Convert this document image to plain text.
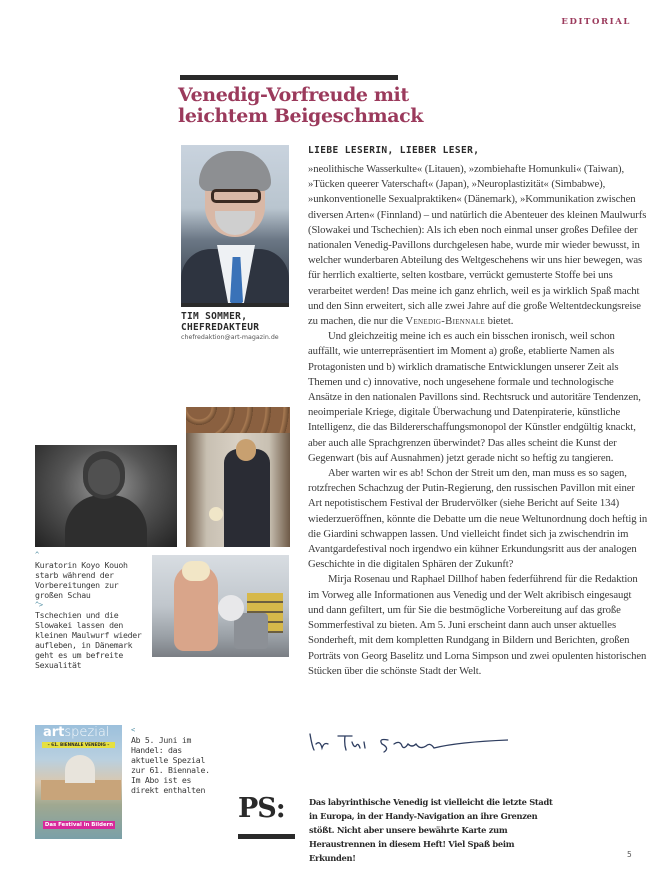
EDITORIAL
Venedig-Vorfreude mit leichtem Beigeschmack
TIM SOMMER, CHEFREDAKTEUR
chefredaktion@art-magazin.de
LIEBE LESERIN, LIEBER LESER,

»neolithische Wasserkulte« (Litauen), »zombiehafte Homunkuli« (Taiwan), »Tücken queerer Vaterschaft« (Japan), »Neuroplastizität« (Simbabwe), »unkonventionelle Sexualpraktiken« (Dänemark), »Kommunikation zwischen diversen Arten« (Finnland) – und natürlich die Abenteuer des kleinen Maulwurfs (Slowakei und Tschechien): Als ich eben noch einmal unser großes Defilee der nationalen Venedig-Pavillons durchgelesen habe, wurde mir wieder bewusst, in welcher wunderbaren Abteilung des Weltgeschehens wir uns hier bewegen, was für herrlich exaltierte, selten kostbare, verrückt gemusterte Stoffe bei uns verarbeitet werden! Das meine ich ganz ehrlich, weil es ja wirklich Spaß macht und den Sinn erweitert, sich alle zwei Jahre auf die große Weltentdeckungsreise zu machen, die nur die Venedig-Biennale bietet.

Und gleichzeitig meine ich es auch ein bisschen ironisch, weil schon auffällt, wie unterrepräsentiert im Moment a) große, etablierte Namen als Protagonisten und b) wirklich dramatische Entwicklungen unserer Zeit als Themen und c) innovative, noch ungesehene formale und technologische Ansätze in den nationalen Pavillons sind. Rechtsruck und autoritäre Tendenzen, neoimperiale Kriege, digitale Überwachung und Datenpiraterie, künstliche Intelligenz, die das Bildererschaffungsmonopol der Künstler endgültig knackt, aber auch alle Sprachgrenzen überwindet? Das alles scheint die Kunst der Gegenwart (bis auf Ausnahmen) jetzt gerade nicht so heftig zu tangieren.

Aber warten wir es ab! Schon der Streit um den, man muss es so sagen, rotzfrechen Schachzug der Putin-Regierung, den russischen Pavillon mit einer Art nepotistischem Festival der Brudervölker (siehe Bericht auf Seite 134) wiederzueröffnen, könnte die Debatte um die neue Weltunordnung doch heftig in die Giardini schwappen lassen. Und vielleicht findet sich ja zwischendrin im Avantgardefestival noch irgendwo ein kühner Erkundungsritt aus der analogen Geschichte in die digitalen Sphären der Zukunft?

Mirja Rosenau und Raphael Dillhof haben federführend für die Redaktion im Vorweg alle Informationen aus Venedig und der Welt akribisch eingesaugt und dann gefiltert, um für Sie die bestmögliche Vorbereitung auf das große Sommerfestival zu bieten. Am 5. Juni erscheint dann auch unser aktuelles Sonderheft, mit dem kompletten Rundgang in Bildern und Berichten, großen Porträts von Georg Baselitz und Lorna Simpson und zwei opulenten historischen Stücken über die schönste Stadt der Welt.

^
Kuratorin Koyo Kouoh starb während der Vorbereitungen zur großen Schau
^>
Tschechien und die Slowakei lassen den kleinen Maulwurf wieder aufleben, in Dänemark geht es um befreite Sexualität
artspezial
– 61. BIENNALE VENEDIG –
Das Festival in Bildern
<
Ab 5. Juni im Handel: das aktuelle Spezial zur 61. Biennale. Im Abo ist es direkt enthalten
PS:	Das labyrinthische Venedig ist vielleicht die letzte Stadt in Europa, in der Handy-Navigation an ihre Grenzen stößt. Nicht aber unsere bewährte Karte zum Heraustrennen in diesem Heft! Viel Spaß beim Erkunden!	5
